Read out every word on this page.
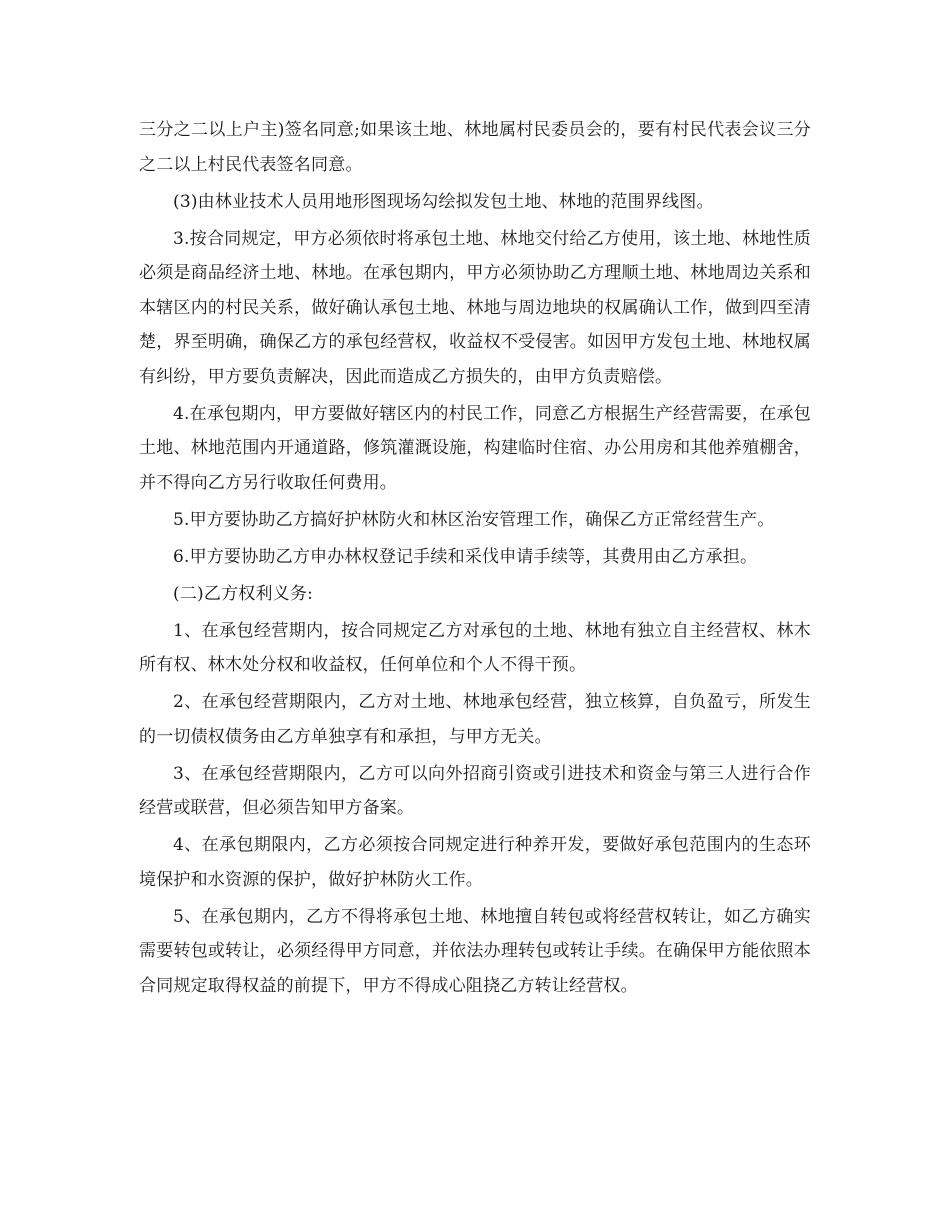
三分之二以上户主)签名同意;如果该土地、林地属村民委员会的，要有村民代表会议三分之二以上村民代表签名同意。

(3)由林业技术人员用地形图现场勾绘拟发包土地、林地的范围界线图。

3.按合同规定，甲方必须依时将承包土地、林地交付给乙方使用，该土地、林地性质必须是商品经济土地、林地。在承包期内，甲方必须协助乙方理顺土地、林地周边关系和本辖区内的村民关系，做好确认承包土地、林地与周边地块的权属确认工作，做到四至清楚，界至明确，确保乙方的承包经营权，收益权不受侵害。如因甲方发包土地、林地权属有纠纷，甲方要负责解决，因此而造成乙方损失的，由甲方负责赔偿。

4.在承包期内，甲方要做好辖区内的村民工作，同意乙方根据生产经营需要，在承包土地、林地范围内开通道路，修筑灌溉设施，构建临时住宿、办公用房和其他养殖棚舍，并不得向乙方另行收取任何费用。

5.甲方要协助乙方搞好护林防火和林区治安管理工作，确保乙方正常经营生产。

6.甲方要协助乙方申办林权登记手续和采伐申请手续等，其费用由乙方承担。

(二)乙方权利义务:

1、在承包经营期内，按合同规定乙方对承包的土地、林地有独立自主经营权、林木所有权、林木处分权和收益权，任何单位和个人不得干预。

2、在承包经营期限内，乙方对土地、林地承包经营，独立核算，自负盈亏，所发生的一切债权债务由乙方单独享有和承担，与甲方无关。

3、在承包经营期限内，乙方可以向外招商引资或引进技术和资金与第三人进行合作经营或联营，但必须告知甲方备案。

4、在承包期限内，乙方必须按合同规定进行种养开发，要做好承包范围内的生态环境保护和水资源的保护，做好护林防火工作。

5、在承包期内，乙方不得将承包土地、林地擅自转包或将经营权转让，如乙方确实需要转包或转让，必须经得甲方同意，并依法办理转包或转让手续。在确保甲方能依照本合同规定取得权益的前提下，甲方不得成心阻挠乙方转让经营权。
